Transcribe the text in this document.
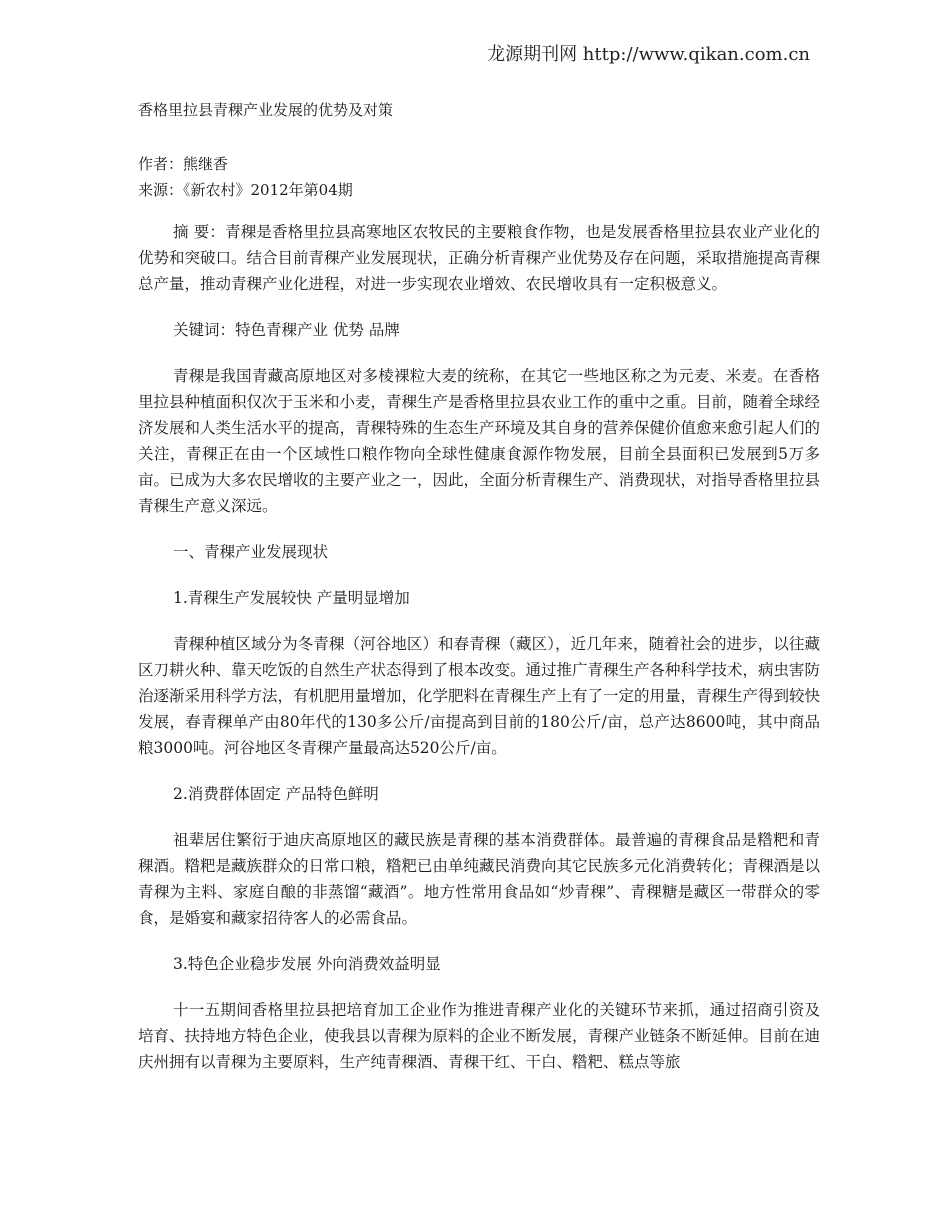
龙源期刊网 http://www.qikan.com.cn

香格里拉县青稞产业发展的优势及对策

作者：熊继香

来源：《新农村》2012年第04期

摘 要：青稞是香格里拉县高寒地区农牧民的主要粮食作物，也是发展香格里拉县农业产业化的优势和突破口。结合目前青稞产业发展现状，正确分析青稞产业优势及存在问题，采取措施提高青稞总产量，推动青稞产业化进程，对进一步实现农业增效、农民增收具有一定积极意义。

关键词：特色青稞产业 优势 品牌

青稞是我国青藏高原地区对多棱裸粒大麦的统称，在其它一些地区称之为元麦、米麦。在香格里拉县种植面积仅次于玉米和小麦，青稞生产是香格里拉县农业工作的重中之重。目前，随着全球经济发展和人类生活水平的提高，青稞特殊的生态生产环境及其自身的营养保健价值愈来愈引起人们的关注，青稞正在由一个区域性口粮作物向全球性健康食源作物发展，目前全县面积已发展到5万多亩。已成为大多农民增收的主要产业之一，因此，全面分析青稞生产、消费现状，对指导香格里拉县青稞生产意义深远。

一、青稞产业发展现状

1.青稞生产发展较快 产量明显增加

青稞种植区域分为冬青稞（河谷地区）和春青稞（藏区），近几年来，随着社会的进步，以往藏区刀耕火种、靠天吃饭的自然生产状态得到了根本改变。通过推广青稞生产各种科学技术，病虫害防治逐渐采用科学方法，有机肥用量增加，化学肥料在青稞生产上有了一定的用量，青稞生产得到较快发展，春青稞单产由80年代的130多公斤/亩提高到目前的180公斤/亩，总产达8600吨，其中商品粮3000吨。河谷地区冬青稞产量最高达520公斤/亩。

2.消费群体固定 产品特色鲜明

祖辈居住繁衍于迪庆高原地区的藏民族是青稞的基本消费群体。最普遍的青稞食品是糌粑和青稞酒。糌粑是藏族群众的日常口粮，糌粑已由单纯藏民消费向其它民族多元化消费转化；青稞酒是以青稞为主料、家庭自酿的非蒸馏“藏酒”。地方性常用食品如“炒青稞”、青稞糖是藏区一带群众的零食，是婚宴和藏家招待客人的必需食品。

3.特色企业稳步发展 外向消费效益明显

十一五期间香格里拉县把培育加工企业作为推进青稞产业化的关键环节来抓，通过招商引资及培育、扶持地方特色企业，使我县以青稞为原料的企业不断发展，青稞产业链条不断延伸。目前在迪庆州拥有以青稞为主要原料，生产纯青稞酒、青稞干红、干白、糌粑、糕点等旅
